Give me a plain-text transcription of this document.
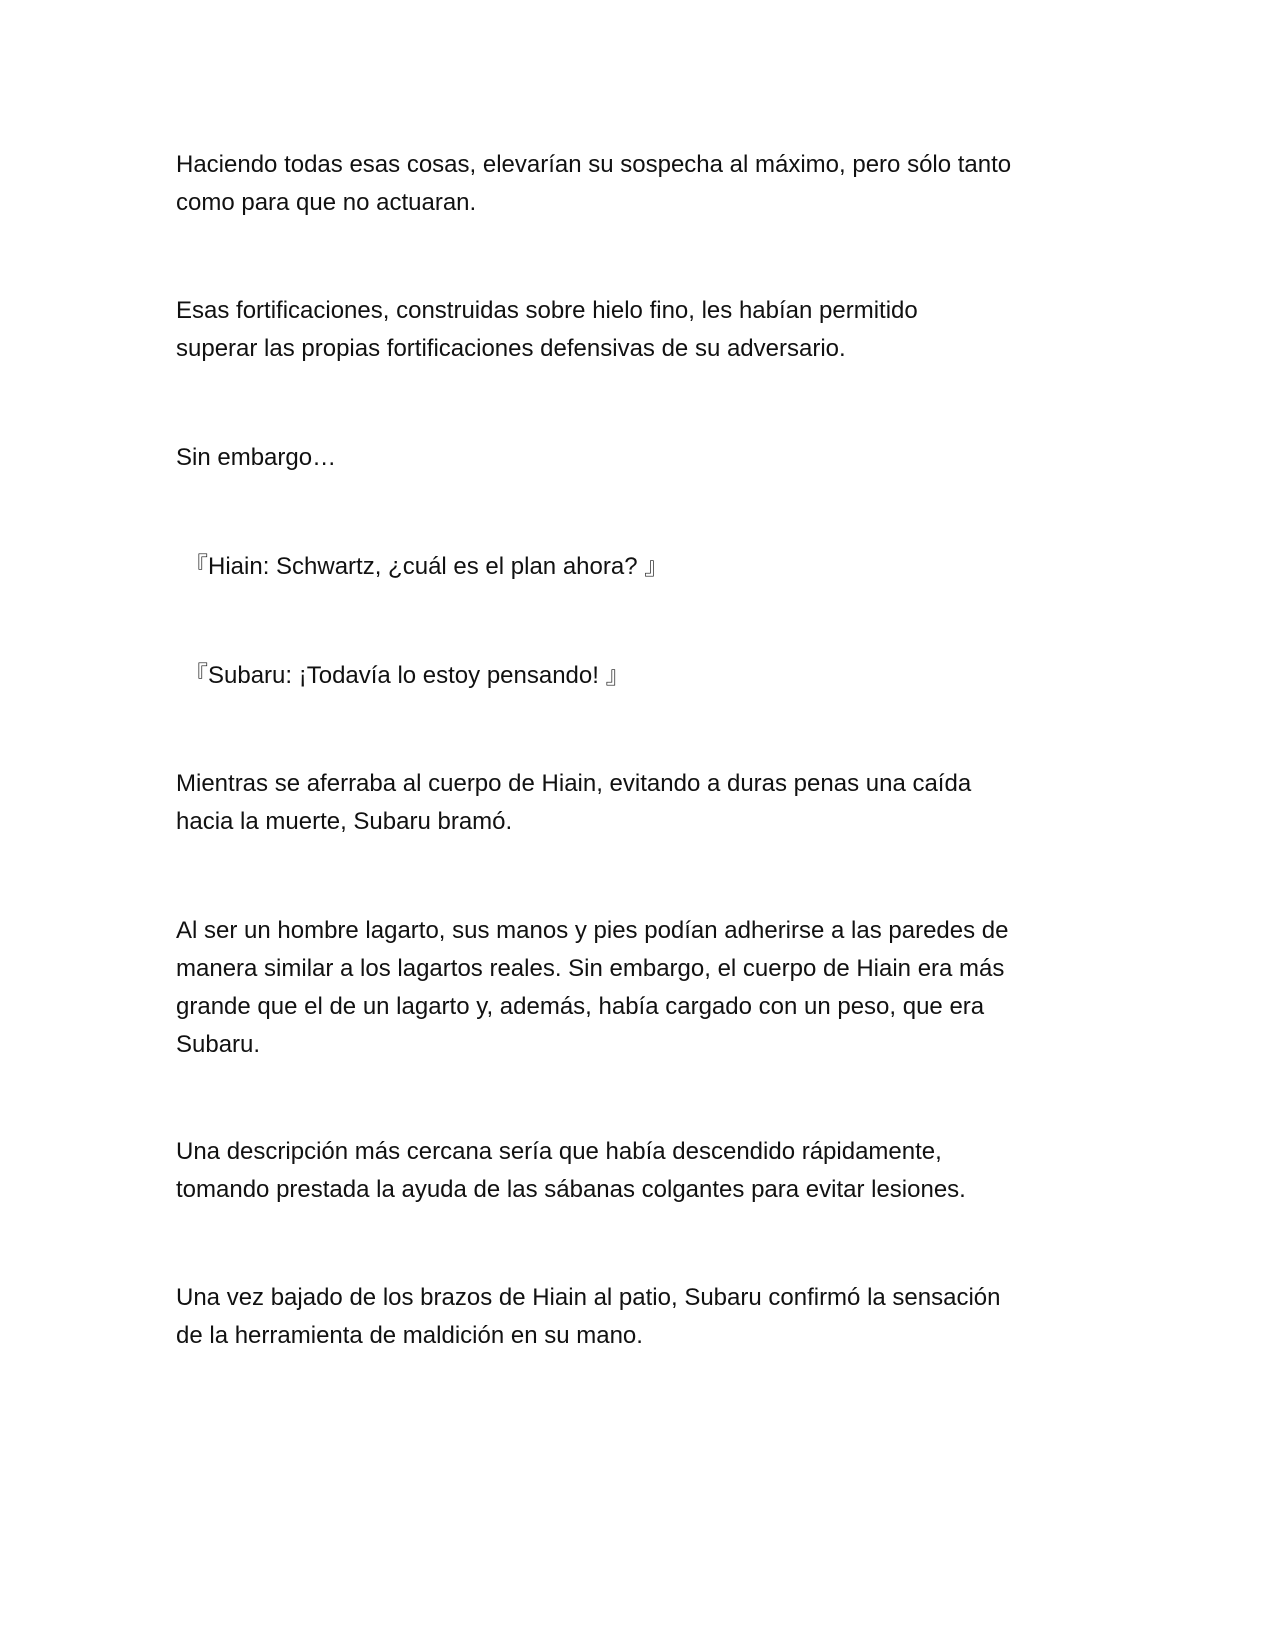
Haciendo todas esas cosas, elevarían su sospecha al máximo, pero sólo tanto
como para que no actuaran.

Esas fortificaciones, construidas sobre hielo fino, les habían permitido
superar las propias fortificaciones defensivas de su adversario.

Sin embargo…

『Hiain: Schwartz, ¿cuál es el plan ahora? 』

『Subaru: ¡Todavía lo estoy pensando! 』

Mientras se aferraba al cuerpo de Hiain, evitando a duras penas una caída
hacia la muerte, Subaru bramó.

Al ser un hombre lagarto, sus manos y pies podían adherirse a las paredes de
manera similar a los lagartos reales. Sin embargo, el cuerpo de Hiain era más
grande que el de un lagarto y, además, había cargado con un peso, que era
Subaru.

Una descripción más cercana sería que había descendido rápidamente,
tomando prestada la ayuda de las sábanas colgantes para evitar lesiones.

Una vez bajado de los brazos de Hiain al patio, Subaru confirmó la sensación
de la herramienta de maldición en su mano.
